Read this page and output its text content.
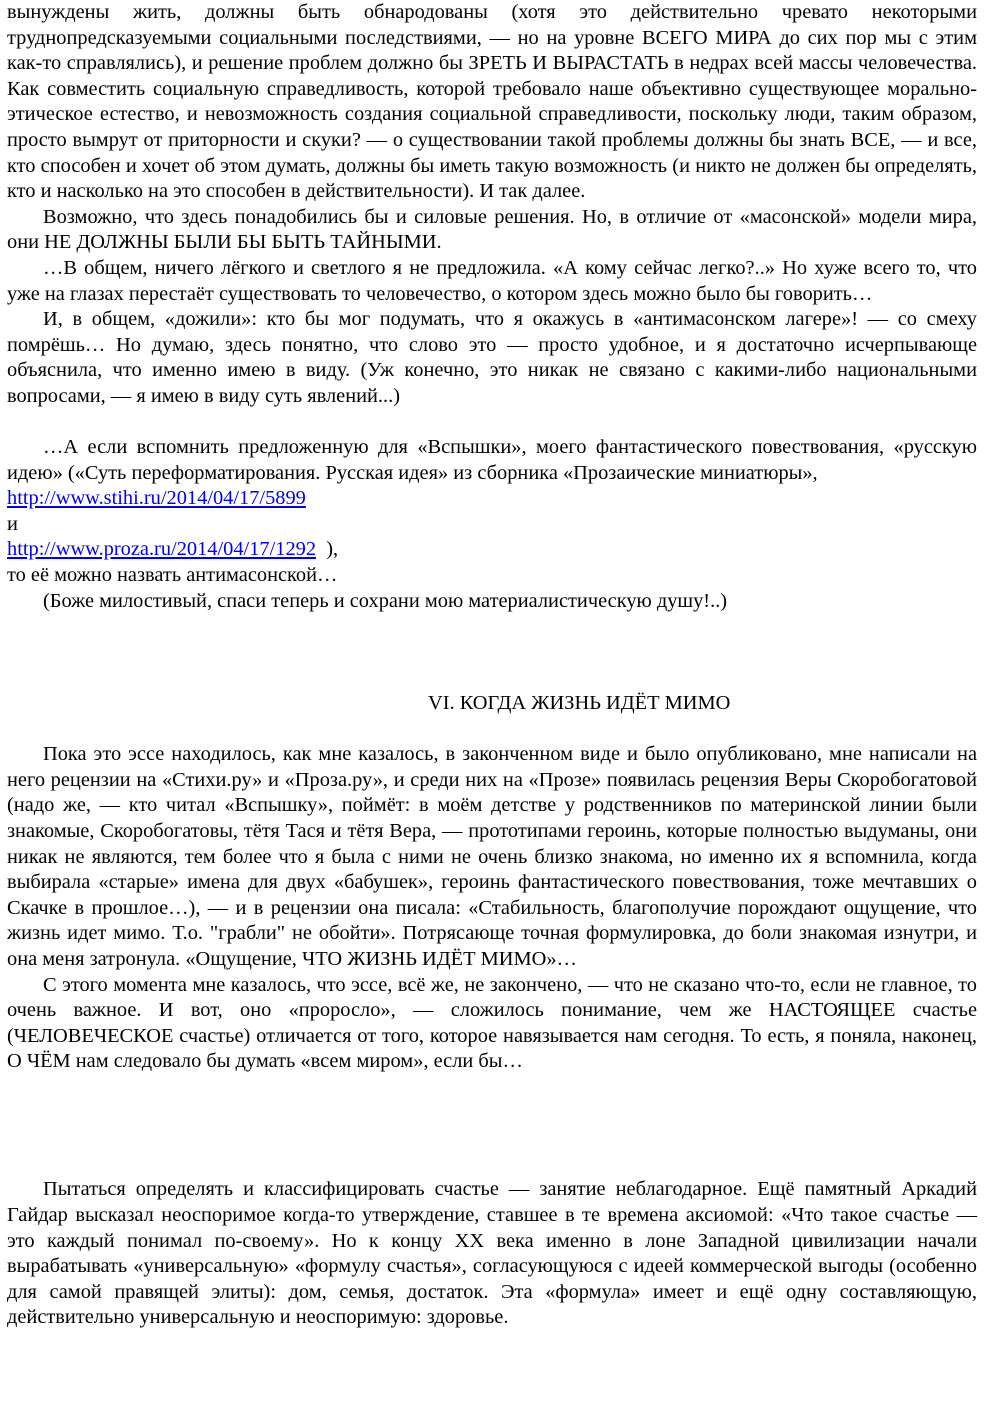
вынуждены жить, должны быть обнародованы (хотя это действительно чревато некоторыми труднопредсказуемыми социальными последствиями, — но на уровне ВСЕГО МИРА до сих пор мы с этим как-то справлялись), и решение проблем должно бы ЗРЕТЬ И ВЫРАСТАТЬ в недрах всей массы человечества. Как совместить социальную справедливость, которой требовало наше объективно существующее морально-этическое естество, и невозможность создания социальной справедливости, поскольку люди, таким образом, просто вымрут от приторности и скуки? — о существовании такой проблемы должны бы знать ВСЕ, — и все, кто способен и хочет об этом думать, должны бы иметь такую возможность (и никто не должен бы определять, кто и насколько на это способен в действительности). И так далее.

Возможно, что здесь понадобились бы и силовые решения. Но, в отличие от «масонской» модели мира, они НЕ ДОЛЖНЫ БЫЛИ БЫ БЫТЬ ТАЙНЫМИ.

…В общем, ничего лёгкого и светлого я не предложила. «А кому сейчас легко?..» Но хуже всего то, что уже на глазах перестаёт существовать то человечество, о котором здесь можно было бы говорить…

И, в общем, «дожили»: кто бы мог подумать, что я окажусь в «антимасонском лагере»! — со смеху помрёшь… Но думаю, здесь понятно, что слово это — просто удобное, и я достаточно исчерпывающе объяснила, что именно имею в виду. (Уж конечно, это никак не связано с какими-либо национальными вопросами, — я имею в виду суть явлений...)

…А если вспомнить предложенную для «Вспышки», моего фантастического повествования, «русскую идею» («Суть переформатирования. Русская идея» из сборника «Прозаические миниатюры»,

http://www.stihi.ru/2014/04/17/5899

и

http://www.proza.ru/2014/04/17/1292  ),

то её можно назвать антимасонской…

(Боже милостивый, спаси теперь и сохрани мою материалистическую душу!..)

VI. КОГДА ЖИЗНЬ ИДЁТ МИМО

Пока это эссе находилось, как мне казалось, в законченном виде и было опубликовано, мне написали на него рецензии на «Стихи.ру» и «Проза.ру», и среди них на «Прозе» появилась рецензия Веры Скоробогатовой (надо же, — кто читал «Вспышку», поймёт: в моём детстве у родственников по материнской линии были знакомые, Скоробогатовы, тётя Тася и тётя Вера, — прототипами героинь, которые полностью выдуманы, они никак не являются, тем более что я была с ними не очень близко знакома, но именно их я вспомнила, когда выбирала «старые» имена для двух «бабушек», героинь фантастического повествования, тоже мечтавших о Скачке в прошлое…), — и в рецензии она писала: «Стабильность, благополучие порождают ощущение, что жизнь идет мимо. Т.о. "грабли" не обойти». Потрясающе точная формулировка, до боли знакомая изнутри, и она меня затронула. «Ощущение, ЧТО ЖИЗНЬ ИДЁТ МИМО»…

С этого момента мне казалось, что эссе, всё же, не закончено, — что не сказано что-то, если не главное, то очень важное. И вот, оно «проросло», — сложилось понимание, чем же НАСТОЯЩЕЕ счастье (ЧЕЛОВЕЧЕСКОЕ счастье) отличается от того, которое навязывается нам сегодня. То есть, я поняла, наконец, О ЧЁМ нам следовало бы думать «всем миром», если бы…

Пытаться определять и классифицировать счастье — занятие неблагодарное. Ещё памятный Аркадий Гайдар высказал неоспоримое когда-то утверждение, ставшее в те времена аксиомой: «Что такое счастье — это каждый понимал по-своему». Но к концу XX века именно в лоне Западной цивилизации начали вырабатывать «универсальную» «формулу счастья», согласующуюся с идеей коммерческой выгоды (особенно для самой правящей элиты): дом, семья, достаток. Эта «формула» имеет и ещё одну составляющую, действительно универсальную и неоспоримую: здоровье.
